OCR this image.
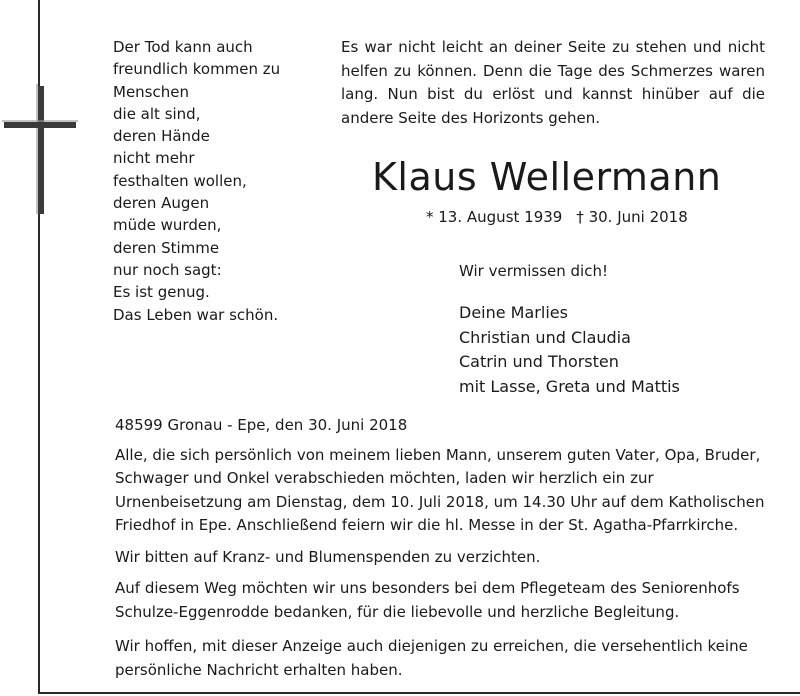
Der Tod kann auch
freundlich kommen zu
Menschen
die alt sind,
deren Hände
nicht mehr
festhalten wollen,
deren Augen
müde wurden,
deren Stimme
nur noch sagt:
Es ist genug.
Das Leben war schön.
Es war nicht leicht an deiner Seite zu stehen und nicht helfen zu können. Denn die Tage des Schmerzes waren lang. Nun bist du erlöst und kannst hinüber auf die andere Seite des Horizonts gehen.
Klaus Wellermann
* 13. August 1939 † 30. Juni 2018
Wir vermissen dich!
Deine Marlies
Christian und Claudia
Catrin und Thorsten
mit Lasse, Greta und Mattis
48599 Gronau - Epe, den 30. Juni 2018
Alle, die sich persönlich von meinem lieben Mann, unserem guten Vater, Opa, Bruder, Schwager und Onkel verabschieden möchten, laden wir herzlich ein zur Urnenbeisetzung am Dienstag, dem 10. Juli 2018, um 14.30 Uhr auf dem Katholischen Friedhof in Epe. Anschließend feiern wir die hl. Messe in der St. Agatha-Pfarrkirche.
Wir bitten auf Kranz- und Blumenspenden zu verzichten.
Auf diesem Weg möchten wir uns besonders bei dem Pflegeteam des Seniorenhofs Schulze-Eggenrodde bedanken, für die liebevolle und herzliche Begleitung.
Wir hoffen, mit dieser Anzeige auch diejenigen zu erreichen, die versehentlich keine persönliche Nachricht erhalten haben.
